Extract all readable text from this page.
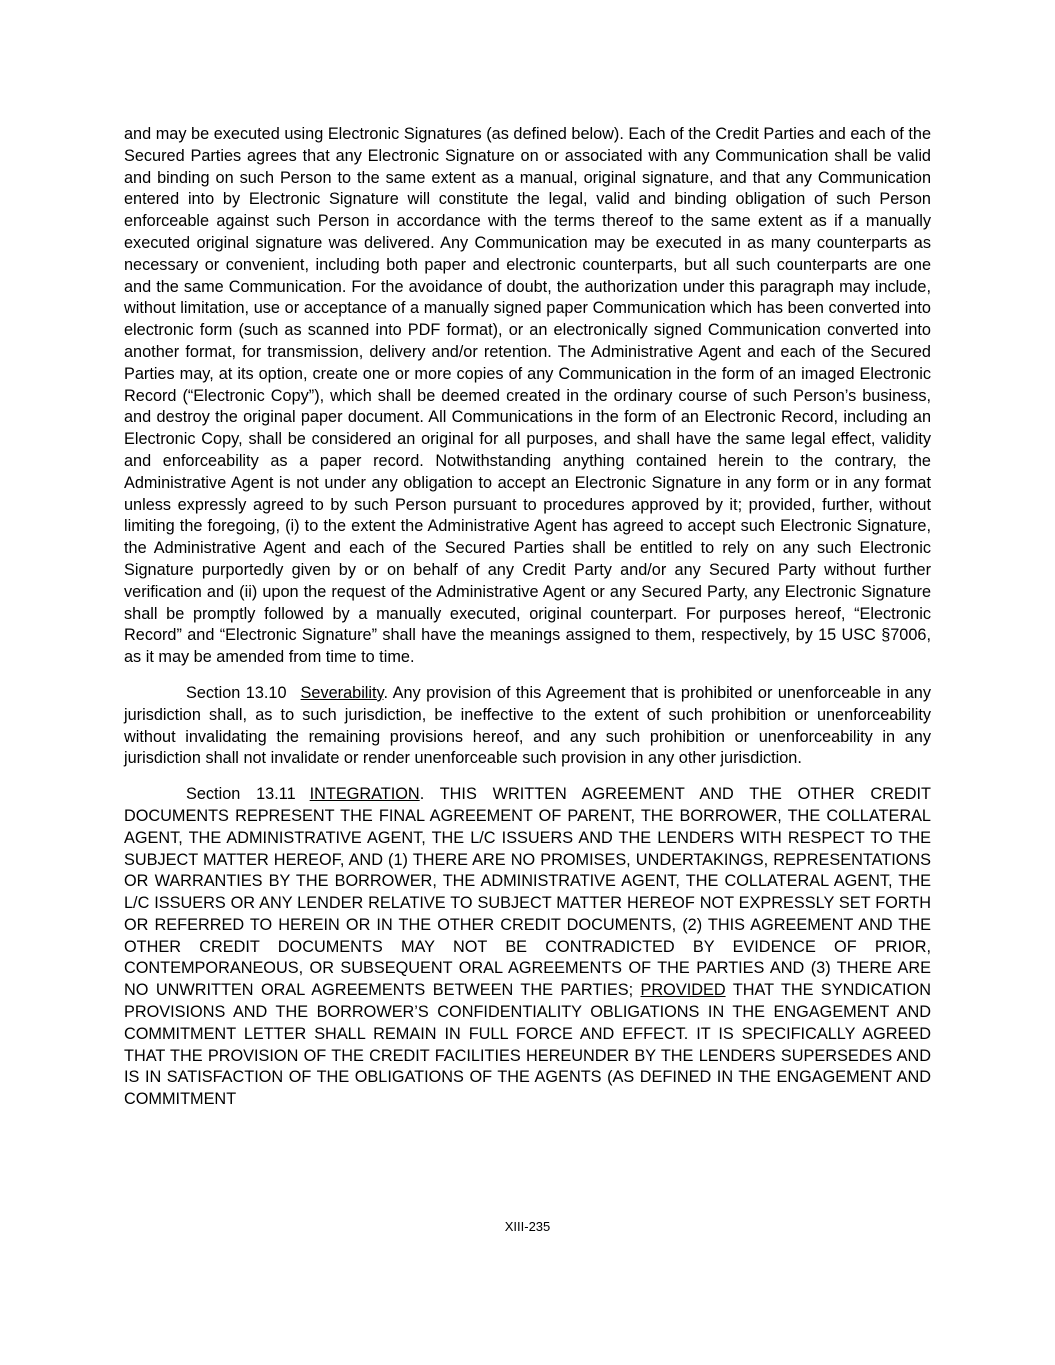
and may be executed using Electronic Signatures (as defined below). Each of the Credit Parties and each of the Secured Parties agrees that any Electronic Signature on or associated with any Communication shall be valid and binding on such Person to the same extent as a manual, original signature, and that any Communication entered into by Electronic Signature will constitute the legal, valid and binding obligation of such Person enforceable against such Person in accordance with the terms thereof to the same extent as if a manually executed original signature was delivered. Any Communication may be executed in as many counterparts as necessary or convenient, including both paper and electronic counterparts, but all such counterparts are one and the same Communication. For the avoidance of doubt, the authorization under this paragraph may include, without limitation, use or acceptance of a manually signed paper Communication which has been converted into electronic form (such as scanned into PDF format), or an electronically signed Communication converted into another format, for transmission, delivery and/or retention. The Administrative Agent and each of the Secured Parties may, at its option, create one or more copies of any Communication in the form of an imaged Electronic Record (“Electronic Copy”), which shall be deemed created in the ordinary course of such Person’s business, and destroy the original paper document. All Communications in the form of an Electronic Record, including an Electronic Copy, shall be considered an original for all purposes, and shall have the same legal effect, validity and enforceability as a paper record. Notwithstanding anything contained herein to the contrary, the Administrative Agent is not under any obligation to accept an Electronic Signature in any form or in any format unless expressly agreed to by such Person pursuant to procedures approved by it; provided, further, without limiting the foregoing, (i) to the extent the Administrative Agent has agreed to accept such Electronic Signature, the Administrative Agent and each of the Secured Parties shall be entitled to rely on any such Electronic Signature purportedly given by or on behalf of any Credit Party and/or any Secured Party without further verification and (ii) upon the request of the Administrative Agent or any Secured Party, any Electronic Signature shall be promptly followed by a manually executed, original counterpart. For purposes hereof, “Electronic Record” and “Electronic Signature” shall have the meanings assigned to them, respectively, by 15 USC §7006, as it may be amended from time to time.

Section 13.10 Severability. Any provision of this Agreement that is prohibited or unenforceable in any jurisdiction shall, as to such jurisdiction, be ineffective to the extent of such prohibition or unenforceability without invalidating the remaining provisions hereof, and any such prohibition or unenforceability in any jurisdiction shall not invalidate or render unenforceable such provision in any other jurisdiction.

Section 13.11 INTEGRATION. THIS WRITTEN AGREEMENT AND THE OTHER CREDIT DOCUMENTS REPRESENT THE FINAL AGREEMENT OF PARENT, THE BORROWER, THE COLLATERAL AGENT, THE ADMINISTRATIVE AGENT, THE L/C ISSUERS AND THE LENDERS WITH RESPECT TO THE SUBJECT MATTER HEREOF, AND (1) THERE ARE NO PROMISES, UNDERTAKINGS, REPRESENTATIONS OR WARRANTIES BY THE BORROWER, THE ADMINISTRATIVE AGENT, THE COLLATERAL AGENT, THE L/C ISSUERS OR ANY LENDER RELATIVE TO SUBJECT MATTER HEREOF NOT EXPRESSLY SET FORTH OR REFERRED TO HEREIN OR IN THE OTHER CREDIT DOCUMENTS, (2) THIS AGREEMENT AND THE OTHER CREDIT DOCUMENTS MAY NOT BE CONTRADICTED BY EVIDENCE OF PRIOR, CONTEMPORANEOUS, OR SUBSEQUENT ORAL AGREEMENTS OF THE PARTIES AND (3) THERE ARE NO UNWRITTEN ORAL AGREEMENTS BETWEEN THE PARTIES; PROVIDED THAT THE SYNDICATION PROVISIONS AND THE BORROWER’S CONFIDENTIALITY OBLIGATIONS IN THE ENGAGEMENT AND COMMITMENT LETTER SHALL REMAIN IN FULL FORCE AND EFFECT. IT IS SPECIFICALLY AGREED THAT THE PROVISION OF THE CREDIT FACILITIES HEREUNDER BY THE LENDERS SUPERSEDES AND IS IN SATISFACTION OF THE OBLIGATIONS OF THE AGENTS (AS DEFINED IN THE ENGAGEMENT AND COMMITMENT

XIII-235
